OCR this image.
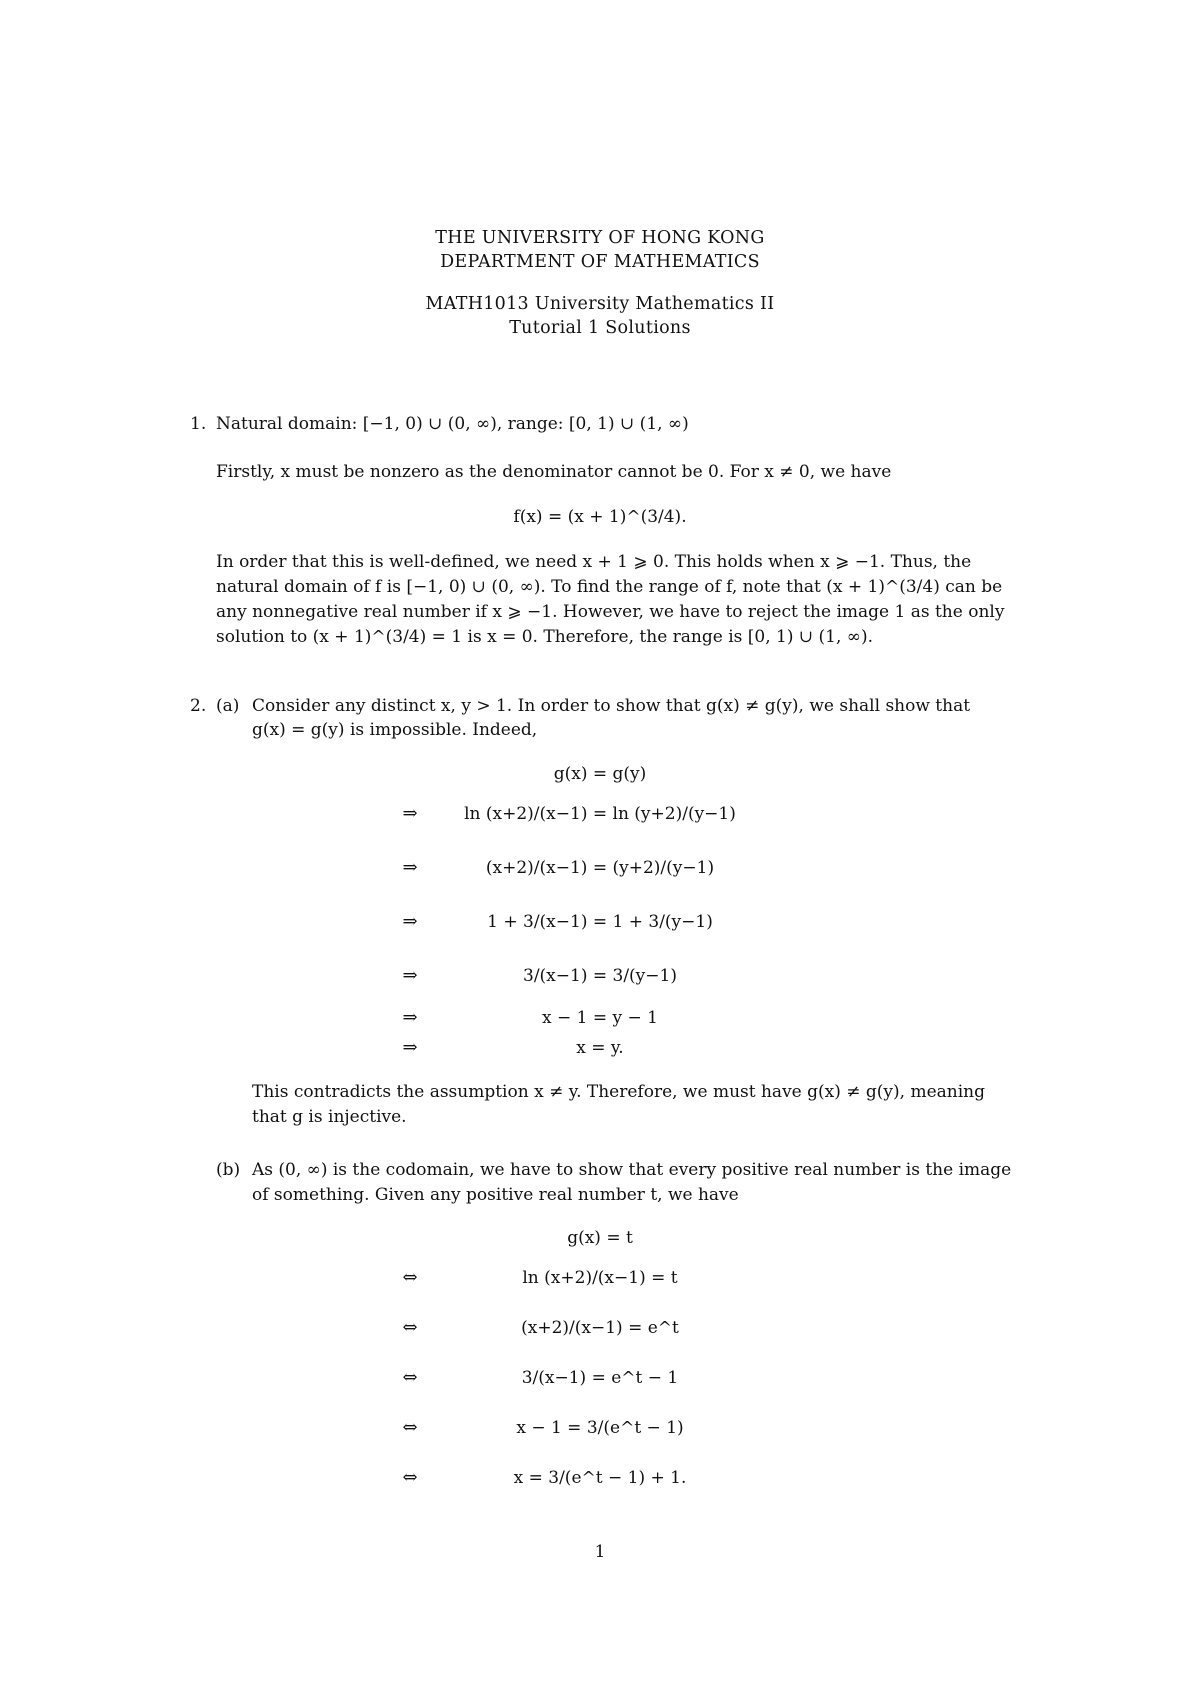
THE UNIVERSITY OF HONG KONG
DEPARTMENT OF MATHEMATICS
MATH1013 University Mathematics II
Tutorial 1 Solutions
1. Natural domain: [−1, 0) ∪ (0, ∞), range: [0, 1) ∪ (1, ∞)
Firstly, x must be nonzero as the denominator cannot be 0. For x ≠ 0, we have
f(x) = (x + 1)^(3/4).
In order that this is well-defined, we need x + 1 ⩾ 0. This holds when x ⩾ −1. Thus, the
natural domain of f is [−1, 0) ∪ (0, ∞). To find the range of f, note that (x + 1)^(3/4) can be
any nonnegative real number if x ⩾ −1. However, we have to reject the image 1 as the only
solution to (x + 1)^(3/4) = 1 is x = 0. Therefore, the range is [0, 1) ∪ (1, ∞).
2. (a) Consider any distinct x, y > 1. In order to show that g(x) ≠ g(y), we shall show that
g(x) = g(y) is impossible. Indeed,
g(x) = g(y)
⇒	ln (x+2)/(x−1) = ln (y+2)/(y−1)
⇒	(x+2)/(x−1) = (y+2)/(y−1)
⇒	1 + 3/(x−1) = 1 + 3/(y−1)
⇒	3/(x−1) = 3/(y−1)
⇒	x − 1 = y − 1
⇒	x = y.
This contradicts the assumption x ≠ y. Therefore, we must have g(x) ≠ g(y), meaning
that g is injective.
(b) As (0, ∞) is the codomain, we have to show that every positive real number is the image
of something. Given any positive real number t, we have
g(x) = t
⇔	ln (x+2)/(x−1) = t
⇔	(x+2)/(x−1) = e^t
⇔	3/(x−1) = e^t − 1
⇔	x − 1 = 3/(e^t − 1)
⇔	x = 3/(e^t − 1) + 1.
1
